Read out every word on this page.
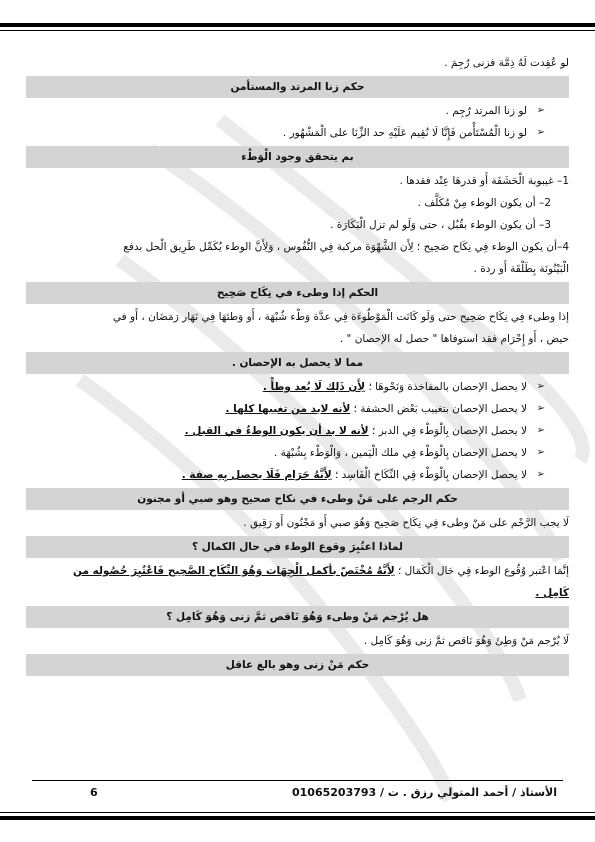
لو عُقِدت لَهُ ذِمَّة فزنى رُجِمَ .
حكم زنا المرتد والمستأمن
➢
لو زنا المرتد رُجِم .
➢
لو زنا الْمُسْتَأْمن فَإِنَّا لَا نُقِيم عَلَيْهِ حد الزِّنَا على الْمَشْهُور .
بم يتحقق وجود الْوَطْء
1– غيبوبة الْحَشَفَة أَو قدرهَا عِنْد فقدها .
2– أن يكون الوطء مِنْ مُكَلَّف .
3– أن يكون الوطء بقُبُل ، حتى وَلَو لم تزل الْبَكَارَة .
4–أن يكون الوطء فِي نِكَاح صَحِيح ؛ لِأَن الشَّهْوَة مركبة فِي النُّفُوس ، وَلِأَنَّ الوطء يُكَمِّل طَرِيق الْحل بدفع
الْبَيْنُونَة بِطَلْقَة أَو ردة .
الحكم إذا وطىء في نِكَاح صَحِيح
إذا وطىء فِي نِكَاح صَحِيح حتى وَلَو كَانَت الْمَوْطُوءَة فِي عدَّة وَطْء شُبْهَة ، أَو وَطئهَا فِي نَهَار رَمَضَان ، أَو في
حيض ، أَو إِحْرَام فقد استوفاها " حصل له الإحصان " .
مما لا يحصل به الإحصان .
➢
لا يحصل الإحصان بالمفاخذة وَنَحْوهَا ؛ لِأَن ذَلِك لَا يُعد وطأً .
➢
لا يحصل الإحصان بتغييب بَعْض الحشفة ؛ لأنه لابد من تغيبها كلها .
➢
لا يحصل الإحصان بِالْوَطْء فِي الدبر ؛ لأنه لا بد أن يكون الوطءُ في القبل .
➢
لا يحصل الإحصان بِالْوَطْء فِي ملك الْيَمين ، وَالْوَطْء بِشُبْهَة .
➢
لا يحصل الإحصان بِالْوَطْء فِي النِّكَاح الْفَاسِد ؛ لِأَنَّهُ حَرَام فَلَا يحصل بِهِ صفة .
حكم الرجم على مَنْ وطىء في نكاح صحيح وهو صبي أو مجنون
لَا يجب الرَّجْم على مَنْ وطىء فِي نِكَاح صَحِيح وَهُوَ صبي أَو مَجْنُون أَو رَقِيق .
لماذا اعتُبِرَ وقوع الوطء في حال الكمال ؟
إنَّمَا اعْتبر وُقُوع الوطء فِي حَال الْكَمَال ؛ لِأَنَّهُ مُخْتَصّ بأكمل الْجِهَات وَهُوَ النِّكَاح الصَّحِيح فَاعْتُبِرَ حُصُوله من
كَامِل .
هل يُرْجم مَنْ وطىء وَهُوَ نَاقص ثمَّ زنى وَهُوَ كَامِل ؟
لَا يُرْجم مَنْ وَطِئَ وَهُوَ نَاقص ثمَّ زنى وَهُوَ كَامِل .
حكم مَنْ زنى وهو بالغ عاقل
الأستاذ / أحمد المتولي رزق . ت / 01065203793
6
